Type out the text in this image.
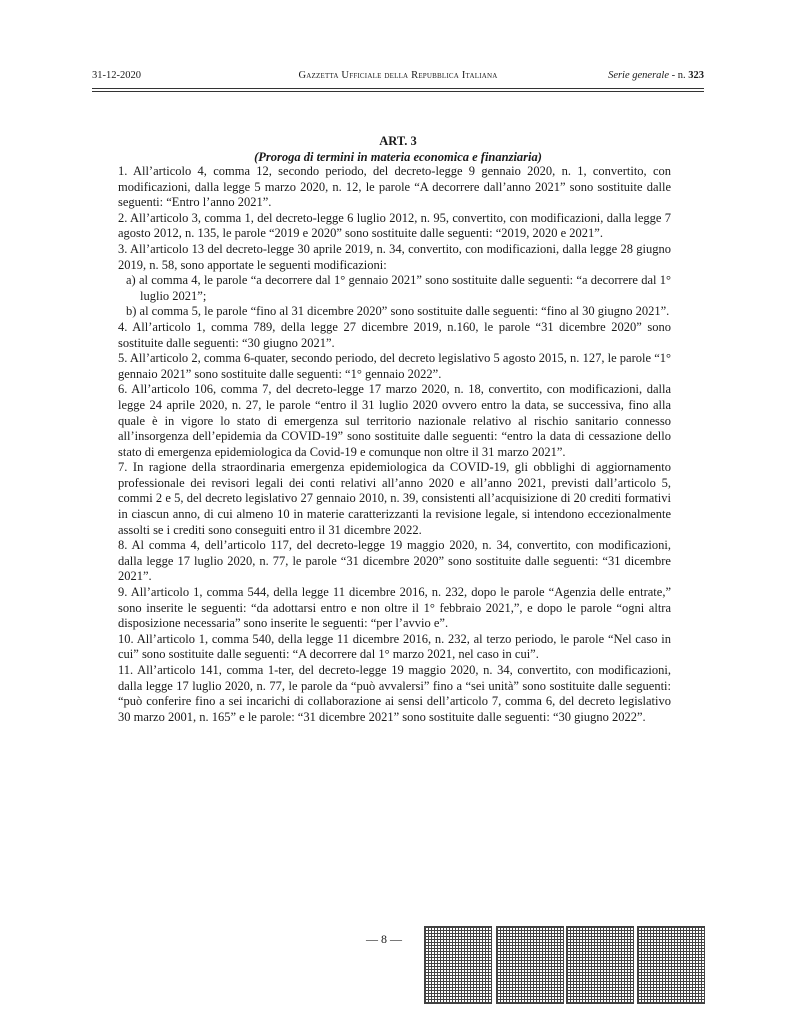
31-12-2020	Gazzetta Ufficiale della Repubblica Italiana	Serie generale - n. 323
ART. 3
(Proroga di termini in materia economica e finanziaria)

1. All’articolo 4, comma 12, secondo periodo, del decreto-legge 9 gennaio 2020, n. 1, convertito, con modificazioni, dalla legge 5 marzo 2020, n. 12, le parole “A decorrere dall’anno 2021” sono sostituite dalle seguenti: “Entro l’anno 2021”.

2. All’articolo 3, comma 1, del decreto-legge 6 luglio 2012, n. 95, convertito, con modificazioni, dalla legge 7 agosto 2012, n. 135, le parole “2019 e 2020” sono sostituite dalle seguenti: “2019, 2020 e 2021”.

3. All’articolo 13 del decreto-legge 30 aprile 2019, n. 34, convertito, con modificazioni, dalla legge 28 giugno 2019, n. 58, sono apportate le seguenti modificazioni:

a) al comma 4, le parole “a decorrere dal 1° gennaio 2021” sono sostituite dalle seguenti: “a decorrere dal 1° luglio 2021”;

b) al comma 5, le parole “fino al 31 dicembre 2020” sono sostituite dalle seguenti: “fino al 30 giugno 2021”.

4. All’articolo 1, comma 789, della legge 27 dicembre 2019, n.160, le parole “31 dicembre 2020” sono sostituite dalle seguenti: “30 giugno 2021”.

5. All’articolo 2, comma 6-quater, secondo periodo, del decreto legislativo 5 agosto 2015, n. 127, le parole “1° gennaio 2021” sono sostituite dalle seguenti: “1° gennaio 2022”.

6. All’articolo 106, comma 7, del decreto-legge 17 marzo 2020, n. 18, convertito, con modificazioni, dalla legge 24 aprile 2020, n. 27, le parole “entro il 31 luglio 2020 ovvero entro la data, se successiva, fino alla quale è in vigore lo stato di emergenza sul territorio nazionale relativo al rischio sanitario connesso all’insorgenza dell’epidemia da COVID-19” sono sostituite dalle seguenti: “entro la data di cessazione dello stato di emergenza epidemiologica da Covid-19 e comunque non oltre il 31 marzo 2021”.

7. In ragione della straordinaria emergenza epidemiologica da COVID-19, gli obblighi di aggiornamento professionale dei revisori legali dei conti relativi all’anno 2020 e all’anno 2021, previsti dall’articolo 5, commi 2 e 5, del decreto legislativo 27 gennaio 2010, n. 39, consistenti all’acquisizione di 20 crediti formativi in ciascun anno, di cui almeno 10 in materie caratterizzanti la revisione legale, si intendono eccezionalmente assolti se i crediti sono conseguiti entro il 31 dicembre 2022.

8. Al comma 4, dell’articolo 117, del decreto-legge 19 maggio 2020, n. 34, convertito, con modificazioni, dalla legge 17 luglio 2020, n. 77, le parole “31 dicembre 2020” sono sostituite dalle seguenti: “31 dicembre 2021”.

9. All’articolo 1, comma 544, della legge 11 dicembre 2016, n. 232, dopo le parole “Agenzia delle entrate,” sono inserite le seguenti: “da adottarsi entro e non oltre il 1° febbraio 2021,”, e dopo le parole “ogni altra disposizione necessaria” sono inserite le seguenti: “per l’avvio e”.

10. All’articolo 1, comma 540, della legge 11 dicembre 2016, n. 232, al terzo periodo, le parole “Nel caso in cui” sono sostituite dalle seguenti: “A decorrere dal 1° marzo 2021, nel caso in cui”.

11. All’articolo 141, comma 1-ter, del decreto-legge 19 maggio 2020, n. 34, convertito, con modificazioni, dalla legge 17 luglio 2020, n. 77, le parole da “può avvalersi” fino a “sei unità” sono sostituite dalle seguenti: “può conferire fino a sei incarichi di collaborazione ai sensi dell’articolo 7, comma 6, del decreto legislativo 30 marzo 2001, n. 165” e le parole: “31 dicembre 2021” sono sostituite dalle seguenti: “30 giugno 2022”.

— 8 —
